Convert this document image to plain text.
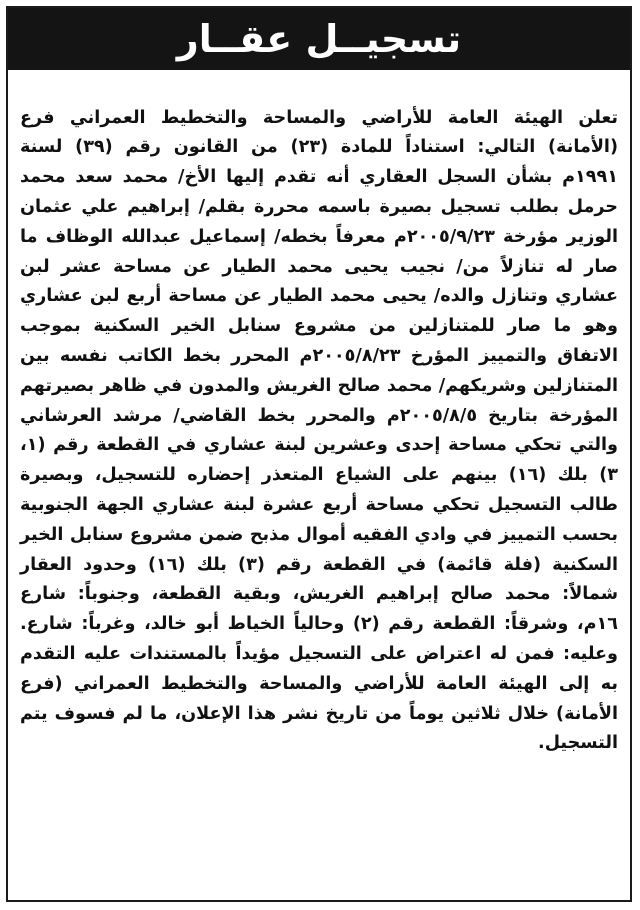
تسجيــل عقــار

تعلن الهيئة العامة للأراضي والمساحة والتخطيط العمراني فرع (الأمانة) التالي: استناداً للمادة (٢٣) من القانون رقم (٣٩) لسنة ١٩٩١م بشأن السجل العقاري أنه تقدم إليها الأخ/ محمد سعد محمد حرمل بطلب تسجيل بصيرة باسمه محررة بقلم/ إبراهيم علي عثمان الوزير مؤرخة ٢٠٠٥/٩/٢٣م معرفاً بخطه/ إسماعيل عبدالله الوظاف ما صار له تنازلاً من/ نجيب يحيى محمد الطيار عن مساحة عشر لبن عشاري وتنازل والده/ يحيى محمد الطيار عن مساحة أربع لبن عشاري وهو ما صار للمتنازلين من مشروع سنابل الخير السكنية بموجب الاتفاق والتمييز المؤرخ ٢٠٠٥/٨/٢٣م المحرر بخط الكاتب نفسه بين المتنازلين وشريكهم/ محمد صالح الغريش والمدون في ظاهر بصيرتهم المؤرخة بتاريخ ٢٠٠٥/٨/٥م والمحرر بخط القاضي/ مرشد العرشاني والتي تحكي مساحة إحدى وعشرين لبنة عشاري في القطعة رقم (١، ٣) بلك (١٦) بينهم على الشياع المتعذر إحضاره للتسجيل، وبصيرة طالب التسجيل تحكي مساحة أربع عشرة لبنة عشاري الجهة الجنوبية بحسب التمييز في وادي الفقيه أموال مذبح ضمن مشروع سنابل الخير السكنية (فلة قائمة) في القطعة رقم (٣) بلك (١٦) وحدود العقار شمالاً: محمد صالح إبراهيم الغريش، وبقية القطعة، وجنوباً: شارع ١٦م، وشرقاً: القطعة رقم (٢) وحالياً الخياط أبو خالد، وغرباً: شارع. وعليه: فمن له اعتراض على التسجيل مؤيداً بالمستندات عليه التقدم به إلى الهيئة العامة للأراضي والمساحة والتخطيط العمراني (فرع الأمانة) خلال ثلاثين يوماً من تاريخ نشر هذا الإعلان، ما لم فسوف يتم التسجيل.
